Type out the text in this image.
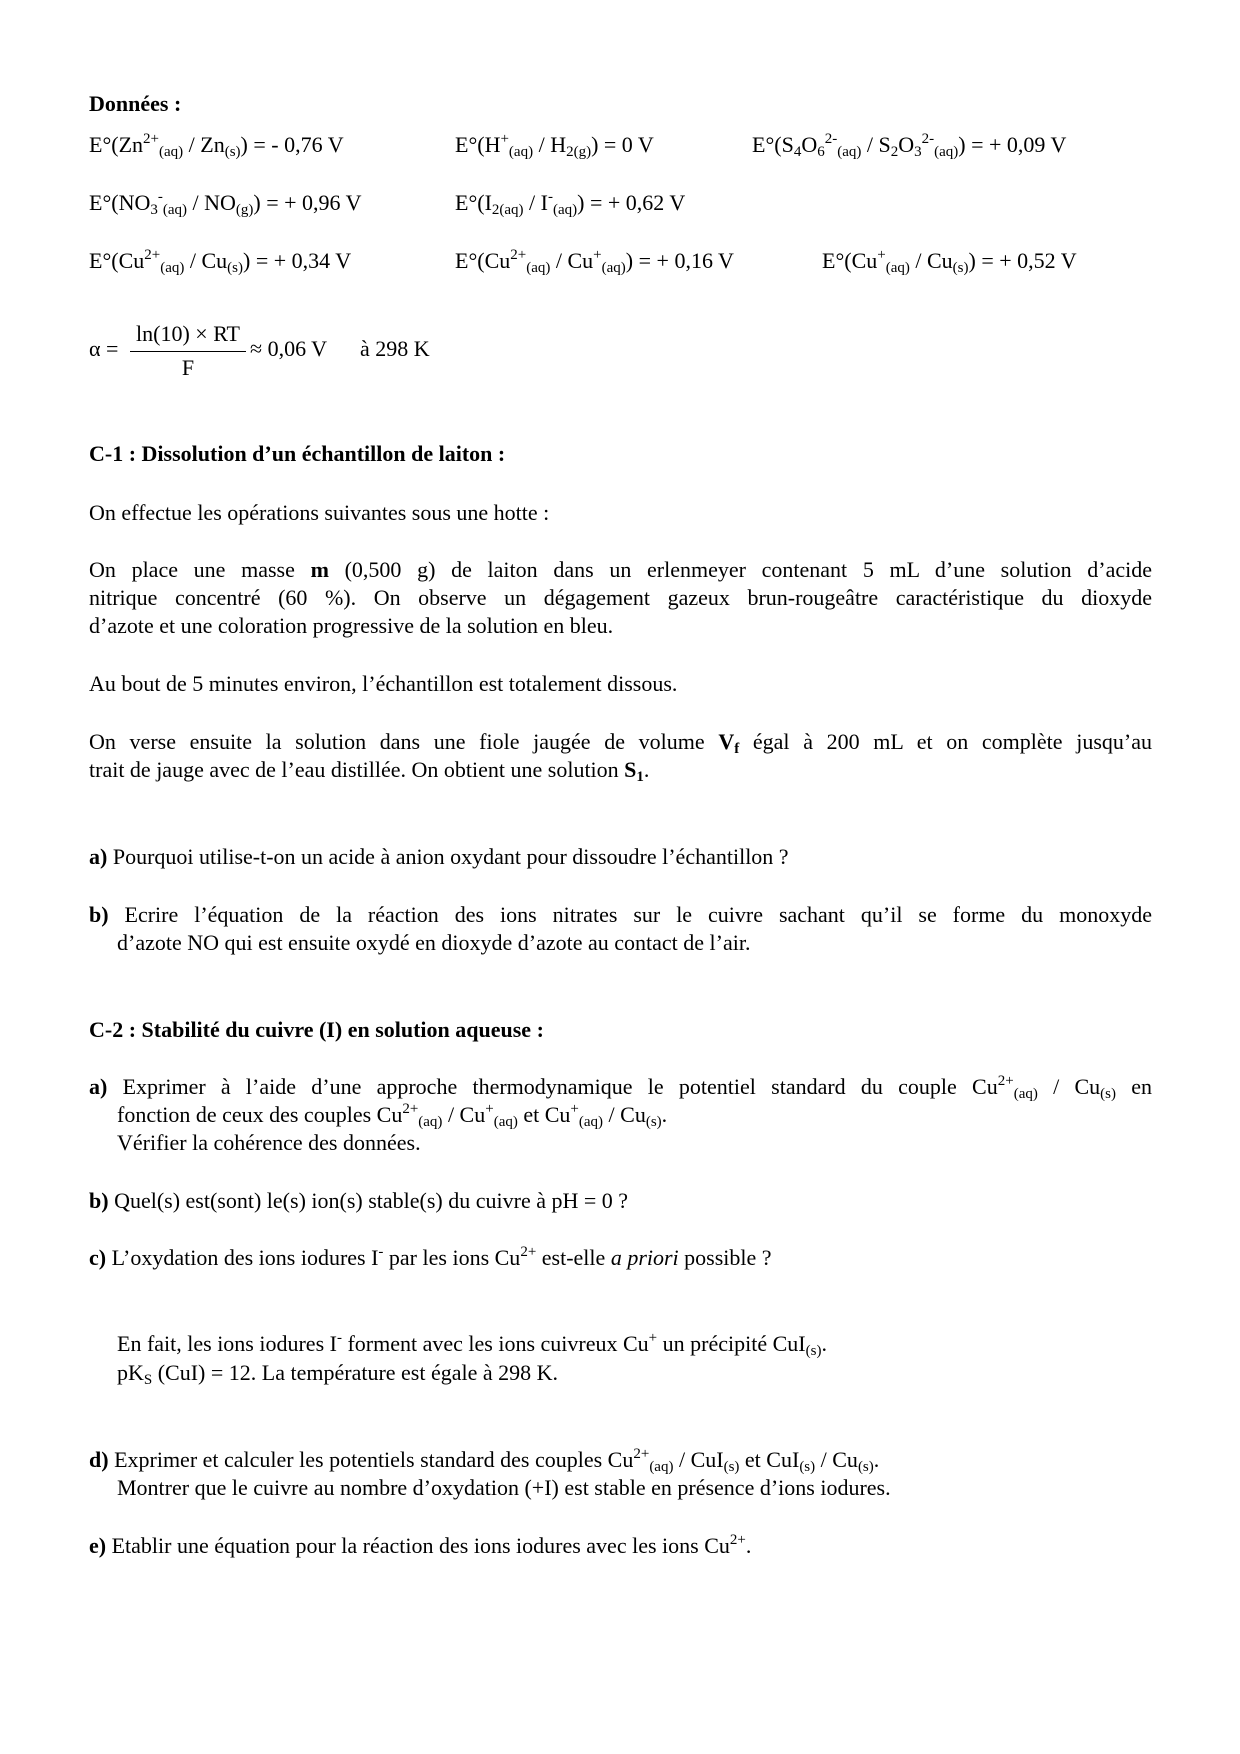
Données :
$E^\circ(Zn^{2+}_{(aq)} / Zn_{(s)})$ = - 0,76 V	$E^\circ(H^+_{(aq)} / H_{2(g)}) = 0$ V	$E^\circ(S_4O_6^{2-}_{(aq)} / S_2O_3^{2-}_{(aq)})$ = + 0,09 V
$E^\circ(NO_3^-_{(aq)} / NO_{(g)})$ = + 0,96 V	$E^\circ(I_{2(aq)} / I^-_{(aq)})$ = + 0,62 V
$E^\circ(Cu^{2+}_{(aq)} / Cu_{(s)})$ = + 0,34 V	$E^\circ(Cu^{2+}_{(aq)} / Cu^+_{(aq)})$ = + 0,16 V	$E^\circ(Cu^+_{(aq)} / Cu_{(s)})$ = + 0,52 V
α =
ln(10) × RT
F
≈ 0,06 V à 298 K
C-1 : Dissolution d’un échantillon de laiton :
On effectue les opérations suivantes sous une hotte :
On place une masse m (0,500 g) de laiton dans un erlenmeyer contenant 5 mL d’une solution d’acide
nitrique concentré (60 %). On observe un dégagement gazeux brun-rougeâtre caractéristique du dioxyde
d’azote et une coloration progressive de la solution en bleu.
Au bout de 5 minutes environ, l’échantillon est totalement dissous.
On verse ensuite la solution dans une fiole jaugée de volume $V_f$ égal à 200 mL et on complète jusqu’au
trait de jauge avec de l’eau distillée. On obtient une solution $S_1$.
a) Pourquoi utilise-t-on un acide à anion oxydant pour dissoudre l’échantillon ?
b) Ecrire l’équation de la réaction des ions nitrates sur le cuivre sachant qu’il se forme du monoxyde
d’azote NO qui est ensuite oxydé en dioxyde d’azote au contact de l’air.
C-2 : Stabilité du cuivre (I) en solution aqueuse :
a) Exprimer à l’aide d’une approche thermodynamique le potentiel standard du couple $Cu^{2+}_{(aq)} / Cu_{(s)}$ en
fonction de ceux des couples $Cu^{2+}_{(aq)} / Cu^+_{(aq)}$ et $Cu^+_{(aq)} / Cu_{(s)}$.
Vérifier la cohérence des données.
b) Quel(s) est(sont) le(s) ion(s) stable(s) du cuivre à pH = 0 ?
c) L’oxydation des ions iodures I- par les ions $Cu^{2+}$ est-elle a priori possible ?
En fait, les ions iodures I- forment avec les ions cuivreux Cu+ un précipité CuI$_{(s)}$.
$pK_S$ (CuI) = 12. La température est égale à 298 K.
d) Exprimer et calculer les potentiels standard des couples $Cu^{2+}_{(aq)} / CuI_{(s)}$ et $CuI_{(s)} / Cu_{(s)}$.
Montrer que le cuivre au nombre d’oxydation (+I) est stable en présence d’ions iodures.
e) Etablir une équation pour la réaction des ions iodures avec les ions $Cu^{2+}$.
